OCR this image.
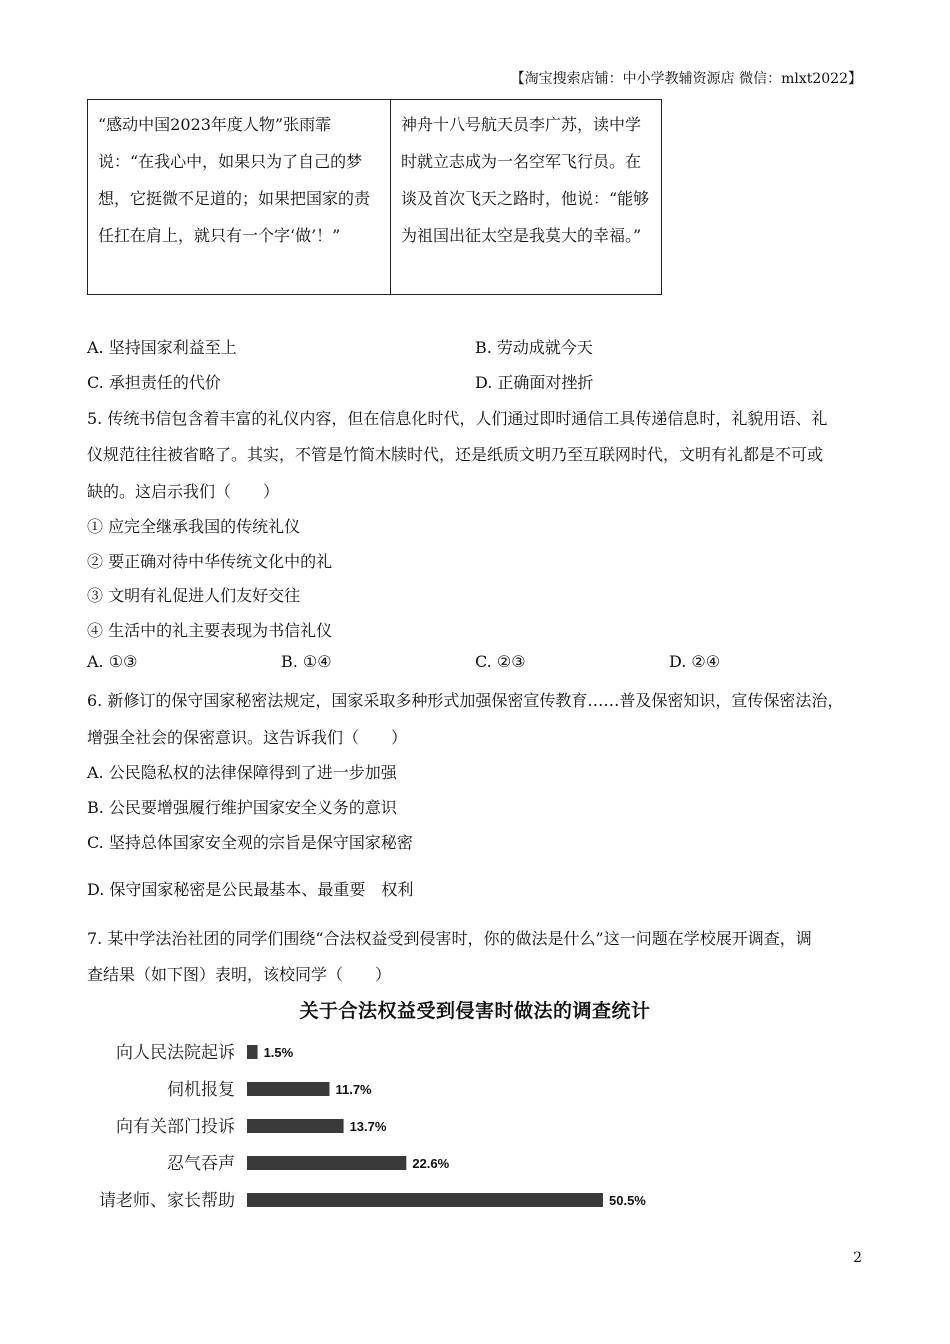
【淘宝搜索店铺：中小学教辅资源店 微信：mlxt2022】
“感动中国2023年度人物”张雨霏说：“在我心中，如果只为了自己的梦想，它挺微不足道的；如果把国家的责任扛在肩上，就只有一个字‘做’！”	神舟十八号航天员李广苏，读中学时就立志成为一名空军飞行员。在谈及首次飞天之路时，他说：“能够为祖国出征太空是我莫大的幸福。”
A. 坚持国家利益至上	B. 劳动成就今天
C. 承担责任的代价	D. 正确面对挫折
5. 传统书信包含着丰富的礼仪内容，但在信息化时代，人们通过即时通信工具传递信息时，礼貌用语、礼
仪规范往往被省略了。其实，不管是竹简木牍时代，还是纸质文明乃至互联网时代，文明有礼都是不可或
缺的。这启示我们（　　）
① 应完全继承我国的传统礼仪
② 要正确对待中华传统文化中的礼
③ 文明有礼促进人们友好交往
④ 生活中的礼主要表现为书信礼仪
A. ①③	B. ①④	C. ②③	D. ②④
6. 新修订的保守国家秘密法规定，国家采取多种形式加强保密宣传教育……普及保密知识，宣传保密法治，
增强全社会的保密意识。这告诉我们（　　）
A. 公民隐私权的法律保障得到了进一步加强
B. 公民要增强履行维护国家安全义务的意识
C. 坚持总体国家安全观的宗旨是保守国家秘密
D. 保守国家秘密是公民最基本、最重要　权利
7. 某中学法治社团的同学们围绕“合法权益受到侵害时，你的做法是什么”这一问题在学校展开调查，调
查结果（如下图）表明，该校同学（　　）
关于合法权益受到侵害时做法的调查统计
向人民法院起诉 1.5%
伺机报复	11.7%
向有关部门投诉	13.7%
忍气吞声	22.6%
请老师、家长帮助	50.5%
2
